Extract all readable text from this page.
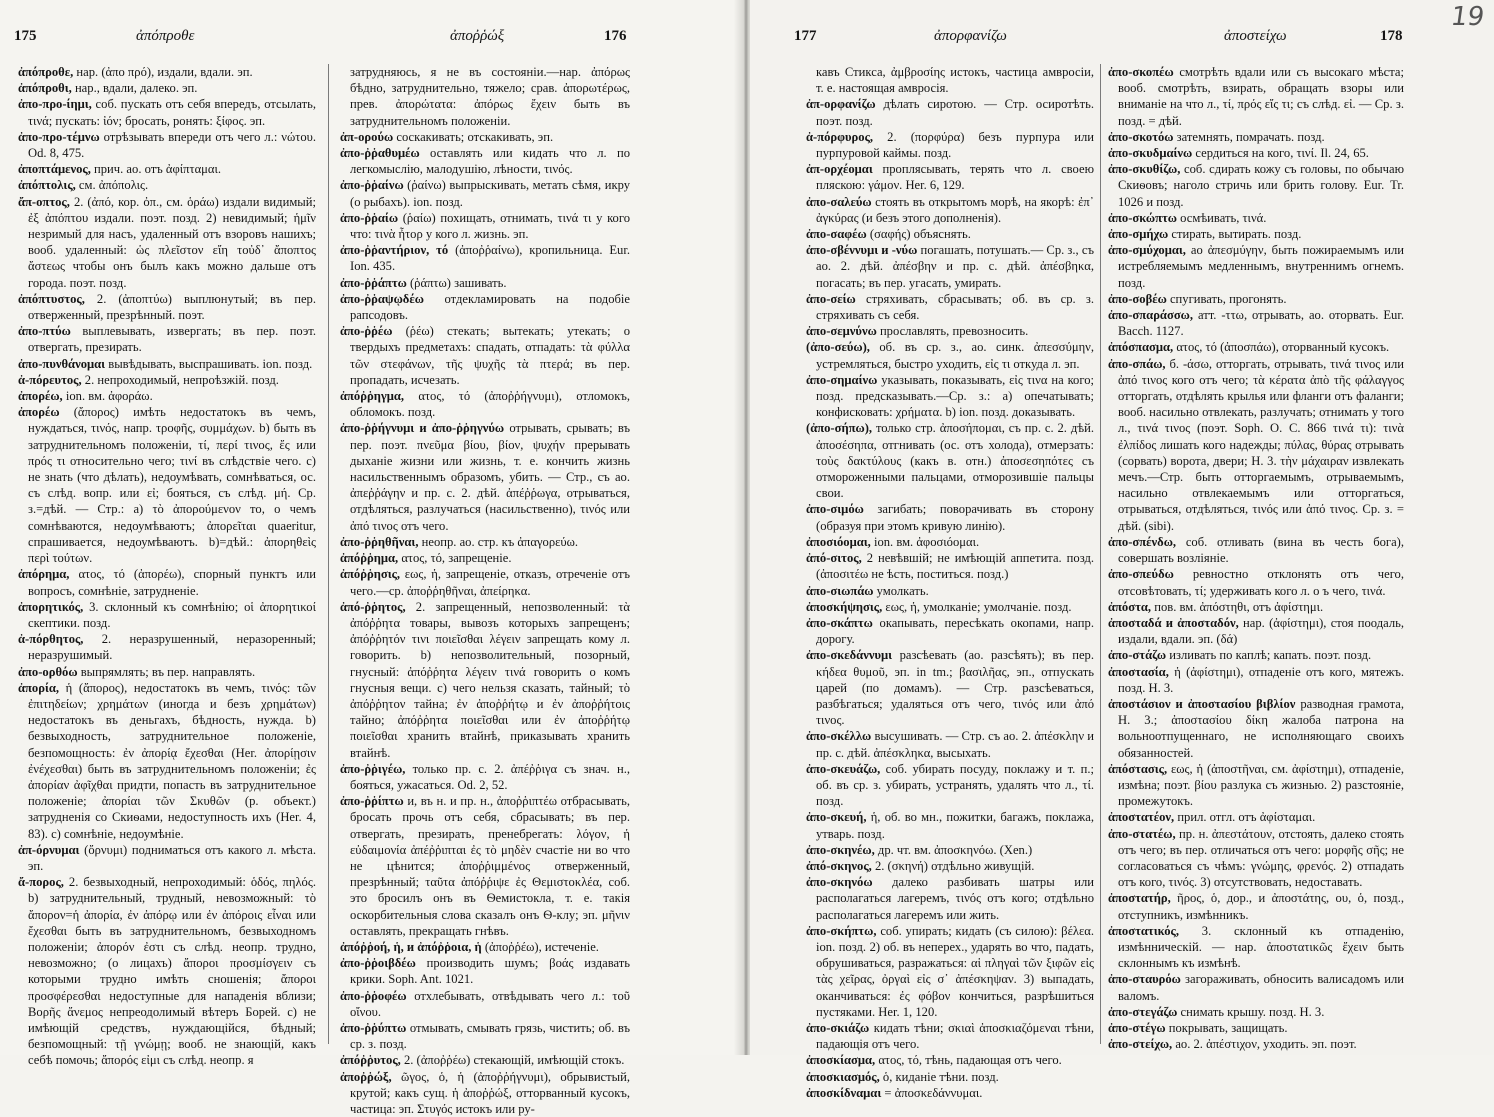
175	ἀπόπροθε	ἀποῤῥώξ	176

ἀπόπροθε, нар. (ἀπο πρό), издали, вдали. эп.

ἀπόπροθι, нар., вдали, далеко. эп.

ἀπο-προ-ίημι, соб. пускать отъ себя впередъ, отсылать, τινά; пускать: ἰόν; бросать, ронять: ξίφος. эп.

ἀπο-προ-τέμνω отрѣзывать впереди отъ чего л.: νώτου. Od. 8, 475.

ἀποπτάμενος, прич. ао. отъ ἀφίπταμαι.

ἀπόπτολις, см. ἀπόπολις.

ἄπ-οπτος, 2. (ἀπό, кор. ὀπ., см. ὁράω) издали видимый; ἐξ ἀπόπτου издали. поэт. позд. 2) невидимый; ἡμῖν незримый для насъ, удаленный отъ взоровъ нашихъ; вооб. удаленный: ὡς πλεῖστον εἴη τοὐδ᾽ ἄποπτος ἄστεως чтобы онъ былъ какъ можно дальше отъ города. поэт. позд.

ἀπόπτυστος, 2. (ἀποπτύω) выплюнутый; въ пер. отверженный, презрѣнный. поэт.

ἀπο-πτύω выплевывать, извергать; въ пер. поэт. отвергать, презирать.

ἀπο-πυνθάνομαι вывѣдывать, выспрашивать. ion. позд.

ἀ-πόρευτος, 2. непроходимый, непроѣзжій. позд.

ἀπορέω, ion. вм. ἀφοράω.

ἀπορέω (ἄπορος) имѣть недостатокъ въ чемъ, нуждаться, τινός, напр. τροφῆς, συμμάχων. b) быть въ затруднительномъ положеніи, τί, περί τινος, ἔς или πρός τι относительно чего; τινί въ слѣдствіе чего. c) не знать (что дѣлать), недоумѣвать, сомнѣваться, ос. съ слѣд. вопр. или εἰ; бояться, съ слѣд. μή. Ср. з.=дѣй. — Стр.: a) τὸ ἀπορούμενον то, о чемъ сомнѣваются, недоумѣваютъ; ἀπορεῖται quaeritur, спрашивается, недоумѣваютъ. b)=дѣй.: ἀπορηθεὶς περὶ τούτων.

ἀπόρημα, ατος, τό (ἀπορέω), спорный пунктъ или вопросъ, сомнѣніе, затрудненіе.

ἀπορητικός, 3. склонный къ сомнѣнію; οἱ ἀπορητικοί скептики. позд.

ἀ-πόρθητος, 2. неразрушенный, неразоренный; неразрушимый.

ἀπο-ορθόω выпрямлять; въ пер. направлять.

ἀπορία, ἡ (ἄπορος), недостатокъ въ чемъ, τινός: τῶν ἐπιτηδείων; χρημάτων (иногда и безъ χρημάτων) недостатокъ въ деньгахъ, бѣдность, нужда. b) безвыходность, затруднительное положеніе, безпомощность: ἐν ἀπορίᾳ ἔχεσθαι (Her. ἀπορίῃσιν ἐνέχεσθαι) быть въ затруднительномъ положеніи; ἐς ἀπορίαν ἀφῖχθαι придти, попасть въ затруднительное положеніе; ἀπορίαι τῶν Σκυθῶν (р. объект.) затрудненія со Скиѳами, недоступность ихъ (Her. 4, 83). c) сомнѣніе, недоумѣніе.

ἀπ-όρνυμαι (ὄρνυμι) подниматься отъ какого л. мѣста. эп.

ἄ-πορος, 2. безвыходный, непроходимый: ὁδός, πηλός. b) затруднительный, трудный, невозможный: τὸ ἄπορον=ἡ ἀπορία, ἐν ἀπόρῳ или ἐν ἀπόροις εἶναι или ἔχεσθαι быть въ затруднительномъ, безвыходномъ положеніи; ἀπορόν ἐστι съ слѣд. неопр. трудно, невозможно; (о лицахъ) ἄποροι προσμίσγειν съ которыми трудно имѣть сношенія; ἄποροι προσφέρεσθαι недоступные для нападенія вблизи; Βορῆς ἄνεμος непреодолимый вѣтеръ Борей. c) не имѣющій средствъ, нуждающійся, бѣдный; безпомощный: τῇ γνώμῃ; вооб. не знающій, какъ себѣ помочь; ἄπορός εἰμι съ слѣд. неопр. я

затрудняюсь, я не въ состояніи.—нар. ἀπόρως бѣдно, затруднительно, тяжело; срав. ἀπορωτέρως, прев. ἀπορώτατα: ἀπόρως ἔχειν быть въ затруднительномъ положеніи.

ἀπ-ορούω соскакивать; отскакивать, эп.

ἀπο-ῤῥαθυμέω оставлять или кидать что л. по легкомыслію, малодушію, лѣности, τινός.

ἀπο-ῤῥαίνω (ῥαίνω) выпрыскивать, метать сѣмя, икру (о рыбахъ). ion. позд.

ἀπο-ῤῥαίω (ῥαίω) похищать, отнимать, τινά τι у кого что: τινὰ ἦτορ у кого л. жизнь. эп.

ἀπο-ῤῥαντήριον, τό (ἀποῤῥαίνω), кропильница. Eur. Ion. 435.

ἀπο-ῤῥάπτω (ῥάπτω) зашивать.

ἀπο-ῤῥαψῳδέω отдекламировать на подобіе рапсодовъ.

ἀπο-ῤῥέω (ῥέω) стекать; вытекать; утекать; о твердыхъ предметахъ: спадать, отпадать: τὰ φύλλα τῶν στεφάνων, τῆς ψυχῆς τὰ πτερά; въ пер. пропадать, исчезать.

ἀπόῤῥηγμα, ατος, τό (ἀποῤῥήγνυμι), отломокъ, обломокъ. позд.

ἀπο-ῤῥήγνυμι и ἀπο-ῤῥηγνύω отрывать, срывать; въ пер. поэт. πνεῦμα βίου, βίον, ψυχήν прерывать дыханіе жизни или жизнь, т. е. кончить жизнь насильственнымъ образомъ, убить. — Стр., съ ао. ἀπεῤῥάγην и пр. с. 2. дѣй. ἀπέῤῥωγα, отрываться, отдѣляться, разлучаться (насильственно), τινός или ἀπό τινος отъ чего.

ἀπο-ῤῥηθῆναι, неопр. ао. стр. къ ἀπαγορεύω.

ἀπόῤῥημα, ατος, τό, запрещеніе.

ἀπόῤῥησις, εως, ἡ, запрещеніе, отказъ, отреченіе отъ чего.—ср. ἀποῤῥηθῆναι, ἀπείρηκα.

ἀπό-ῤῥητος, 2. запрещенный, непозволенный: τὰ ἀπόῤῥητα товары, вывозъ которыхъ запрещенъ; ἀπόῤῥητόν τινι ποιεῖσθαι λέγειν запрещать кому л. говорить. b) непозволительный, позорный, гнусный: ἀπόῤῥητα λέγειν τινά говорить о комъ гнусныя вещи. c) чего нельзя сказать, тайный; τὸ ἀπόῤῥητον тайна; ἐν ἀποῤῥήτῳ и ἐν ἀποῤῥήτοις тайно; ἀπόῤῥητα ποιεῖσθαι или ἐν ἀποῤῥήτῳ ποιεῖσθαι хранить втайнѣ, приказывать хранить втайнѣ.

ἀπο-ῤῥιγέω, только пр. с. 2. ἀπέῤῥιγα съ знач. н., бояться, ужасаться. Od. 2, 52.

ἀπο-ῤῥίπτω и, въ н. и пр. н., ἀποῤῥιπτέω отбрасывать, бросать прочь отъ себя, сбрасывать; въ пер. отвергать, презирать, пренебрегать: λόγον, ἡ εὐδαιμονία ἀπέῤῥιπται ἐς τὸ μηδὲν счастіе ни во что не цѣнится; ἀποῤῥιμμένος отверженный, презрѣнный; ταῦτα ἀπόῤῥιψε ἐς Θεμιστοκλέα, соб. это бросилъ онъ въ Ѳемистокла, т. е. такія оскорбительныя слова сказалъ онъ Ѳ-клу; эп. μῆνιν оставлять, прекращать гнѣвъ.

ἀπόῤῥοή, ἡ, и ἀπόῤῥοια, ἡ (ἀποῤῥέω), истеченіе.

ἀπο-ῤῥοιβδέω производить шумъ; βοάς издавать крики. Soph. Ant. 1021.

ἀπο-ῤῥοφέω отхлебывать, отвѣдывать чего л.: τοῦ οἴνου.

ἀπο-ῤῥύπτω отмывать, смывать грязь, чистить; об. въ ср. з. позд.

ἀπόῤῥυτος, 2. (ἀποῤῥέω) стекающій, имѣющій стокъ.

ἀποῤῥώξ, ῶγος, ὁ, ἡ (ἀποῤῥήγνυμι), обрывистый, крутой; какъ сущ. ἡ ἀποῤῥώξ, отторванный кусокъ, частица: эп. Στυγός истокъ или ру-

177	ἀπορφανίζω	ἀποστείχω	178
19

кавъ Стикса, ἀμβροσίης истокъ, частица амвросіи, т. е. настоящая амвросія.

ἀπ-ορφανίζω дѣлать сиротою. — Стр. осиротѣть. поэт. позд.

ἀ-πόρφυρος, 2. (πορφύρα) безъ пурпура или пурпуровой каймы. позд.

ἀπ-ορχέομαι проплясывать, терять что л. своею пляскою: γάμον. Her. 6, 129.

ἀπο-σαλεύω стоять въ открытомъ морѣ, на якорѣ: ἐπ᾽ ἀγκύρας (и безъ этого дополненія).

ἀπο-σαφέω (σαφής) объяснять.

ἀπο-σβέννυμι и -νύω погашать, потушать.— Ср. з., съ ао. 2. дѣй. ἀπέσβην и пр. с. дѣй. ἀπέσβηκα, погасать; въ пер. угасать, умирать.

ἀπο-σείω стряхивать, сбрасывать; об. въ ср. з. стряхивать съ себя.

ἀπο-σεμνύνω прославлять, превозносить.

(ἀπο-σεύω), об. въ ср. з., ао. синк. ἀπεσσύμην, устремляться, быстро уходить, εἰς τι откуда л. эп.

ἀπο-σημαίνω указывать, показывать, εἰς τινα на кого; позд. предсказывать.—Ср. з.: a) опечатывать; конфисковать: χρήματα. b) ion. позд. доказывать.

(ἀπο-σήπω), только стр. ἀποσήπομαι, съ пр. с. 2. дѣй. ἀποσέσηπα, отгнивать (ос. отъ холода), отмерзать: τοὺς δακτύλους (какъ в. отн.) ἀποσεσηπότες съ отмороженными пальцами, отморозившіе пальцы свои.

ἀπο-σιμόω загибать; поворачивать въ сторону (образуя при этомъ кривую линію).

ἀποσιόομαι, ion. вм. ἀφοσιόομαι.

ἀπό-σιτος, 2 невѣвшій; не имѣющій аппетита. позд. (ἀποσιτέω не ѣсть, поститься. позд.)

ἀπο-σιωπάω умолкать.

ἀποσκήψησις, εως, ἡ, умолканіе; умолчаніе. позд.

ἀπο-σκάπτω окапывать, пересѣкать окопами, напр. дорогу.

ἀπο-σκεδάννυμι разсѣевать (ао. разсѣять); въ пер. κήδεα θυμοῦ, эп. in tm.; βασιλῆας, эп., отпускать царей (по домамъ). — Стр. разсѣеваться, разбѣгаться; удаляться отъ чего, τινός или ἀπό τινος.

ἀπο-σκέλλω высушивать. — Стр. съ ао. 2. ἀπέσκλην и пр. с. дѣй. ἀπέσκληκα, высыхать.

ἀπο-σκευάζω, соб. убирать посуду, поклажу и т. п.; об. въ ср. з. убирать, устранять, удалять что л., τί. позд.

ἀπο-σκευή, ἡ, об. во мн., пожитки, багажъ, поклажа, утварь. позд.

ἀπο-σκηνέω, др. чт. вм. ἀποσκηνόω. (Xen.)

ἀπό-σκηνος, 2. (σκηνή) отдѣльно живущій.

ἀπο-σκηνόω далеко разбивать шатры или располагаться лагеремъ, τινός отъ кого; отдѣльно располагаться лагеремъ или жить.

ἀπο-σκήπτω, соб. упирать; кидать (съ силою): βέλεα. ion. позд. 2) об. въ неперех., ударять во что, падать, обрушиваться, разражаться: αἱ πληγαὶ τῶν ξιφῶν εἰς τὰς χεῖρας, ὀργαὶ εἰς σ᾽ ἀπέσκηψαν. 3) выпадать, оканчиваться: ἐς φόβον кончиться, разрѣшиться пустяками. Her. 1, 120.

ἀπο-σκιάζω кидать тѣни; σκιαὶ ἀποσκιαζόμεναι тѣни, падающія отъ чего.

ἀποσκίασμα, ατος, τό, тѣнь, падающая отъ чего.

ἀποσκιασμός, ὁ, киданіе тѣни. позд.

ἀποσκίδναμαι = ἀποσκεδάννυμαι.

ἀπο-σκοπέω смотрѣть вдали или съ высокаго мѣста; вооб. смотрѣть, взирать, обращать взоры или вниманіе на что л., τί, πρός εἴς τι; съ слѣд. εἰ. — Ср. з. позд. = дѣй.

ἀπο-σκοτόω затемнять, помрачать. позд.

ἀπο-σκυδμαίνω сердиться на кого, τινί. Il. 24, 65.

ἀπο-σκυθίζω, соб. сдирать кожу съ головы, по обычаю Скиѳовъ; наголо стричь или брить голову. Eur. Tr. 1026 и позд.

ἀπο-σκώπτω осмѣивать, τινά.

ἀπο-σμήχω стирать, вытирать. позд.

ἀπο-σμύχομαι, ао ἀπεσμύγην, быть пожираемымъ или истребляемымъ медленнымъ, внутреннимъ огнемъ. позд.

ἀπο-σοβέω спугивать, прогонять.

ἀπο-σπαράσσω, атт. -ττω, отрывать, ао. оторвать. Eur. Bacch. 1127.

ἀπόσπασμα, ατος, τό (ἀποσπάω), оторванный кусокъ.

ἀπο-σπάω, б. -άσω, отторгать, отрывать, τινά τινος или ἀπό τινος кого отъ чего; τὰ κέρατα ἀπὸ τῆς φάλαγγος отторгать, отдѣлять крылья или фланги отъ фаланги; вооб. насильно отвлекать, разлучать; отнимать у того л., τινά τινος (поэт. Soph. O. C. 866 τινά τι): τινὰ ἐλπίδος лишать кого надежды; πύλας, θύρας отрывать (сорвать) ворота, двери; H. 3. τὴν μάχαιραν извлекать мечъ.—Стр. быть отторгаемымъ, отрываемымъ, насильно отвлекаемымъ или отторгаться, отрываться, отдѣляться, τινός или ἀπό τινος. Ср. з. = дѣй. (sibi).

ἀπο-σπένδω, соб. отливать (вина въ честь бога), совершать возліяніе.

ἀπο-σπεύδω ревностно отклонять отъ чего, отсовѣтовать, τί; удерживать кого л. о ъ чего, τινά.

ἀπόστα, пов. вм. ἀπόστηθι, отъ ἀφίστημι.

ἀποσταδά и ἀποσταδόν, нар. (ἀφίστημι), стоя поодаль, издали, вдали. эп. (δά)

ἀπο-στάζω изливать по каплѣ; капать. поэт. позд.

ἀποστασία, ἡ (ἀφίστημι), отпаденіе отъ кого, мятежъ. позд. H. 3.

ἀποστάσιον и ἀποστασίου βιβλίον разводная грамота, H. 3.; ἀποστασίου δίκη жалоба патрона на вольноотпущеннаго, не исполняющаго своихъ обязанностей.

ἀπόστασις, εως, ἡ (ἀποστῆναι, см. ἀφίστημι), отпаденіе, измѣна; поэт. βίου разлука съ жизнью. 2) разстояніе, промежутокъ.

ἀποστατέον, прил. отгл. отъ ἀφίσταμαι.

ἀπο-στατέω, пр. н. ἀπεστάτουν, отстоять, далеко стоять отъ чего; въ пер. отличаться отъ чего: μορφῆς σῆς; не согласоваться съ чѣмъ: γνώμης, φρενός. 2) отпадать отъ кого, τινός. 3) отсутствовать, недоставать.

ἀποστατήρ, ῆρος, ὁ, дор., и ἀποστάτης, ου, ὁ, позд., отступникъ, измѣнникъ.

ἀποστατικός, 3. склонный къ отпаденію, измѣнническій. — нар. ἀποστατικῶς ἔχειν быть склоннымъ къ измѣнѣ.

ἀπο-σταυρόω загораживать, обносить валисадомъ или валомъ.

ἀπο-στεγάζω снимать крышу. позд. H. 3.

ἀπο-στέγω покрывать, защищать.

ἀπο-στείχω, ао. 2. ἀπέστιχον, уходить. эп. поэт.
